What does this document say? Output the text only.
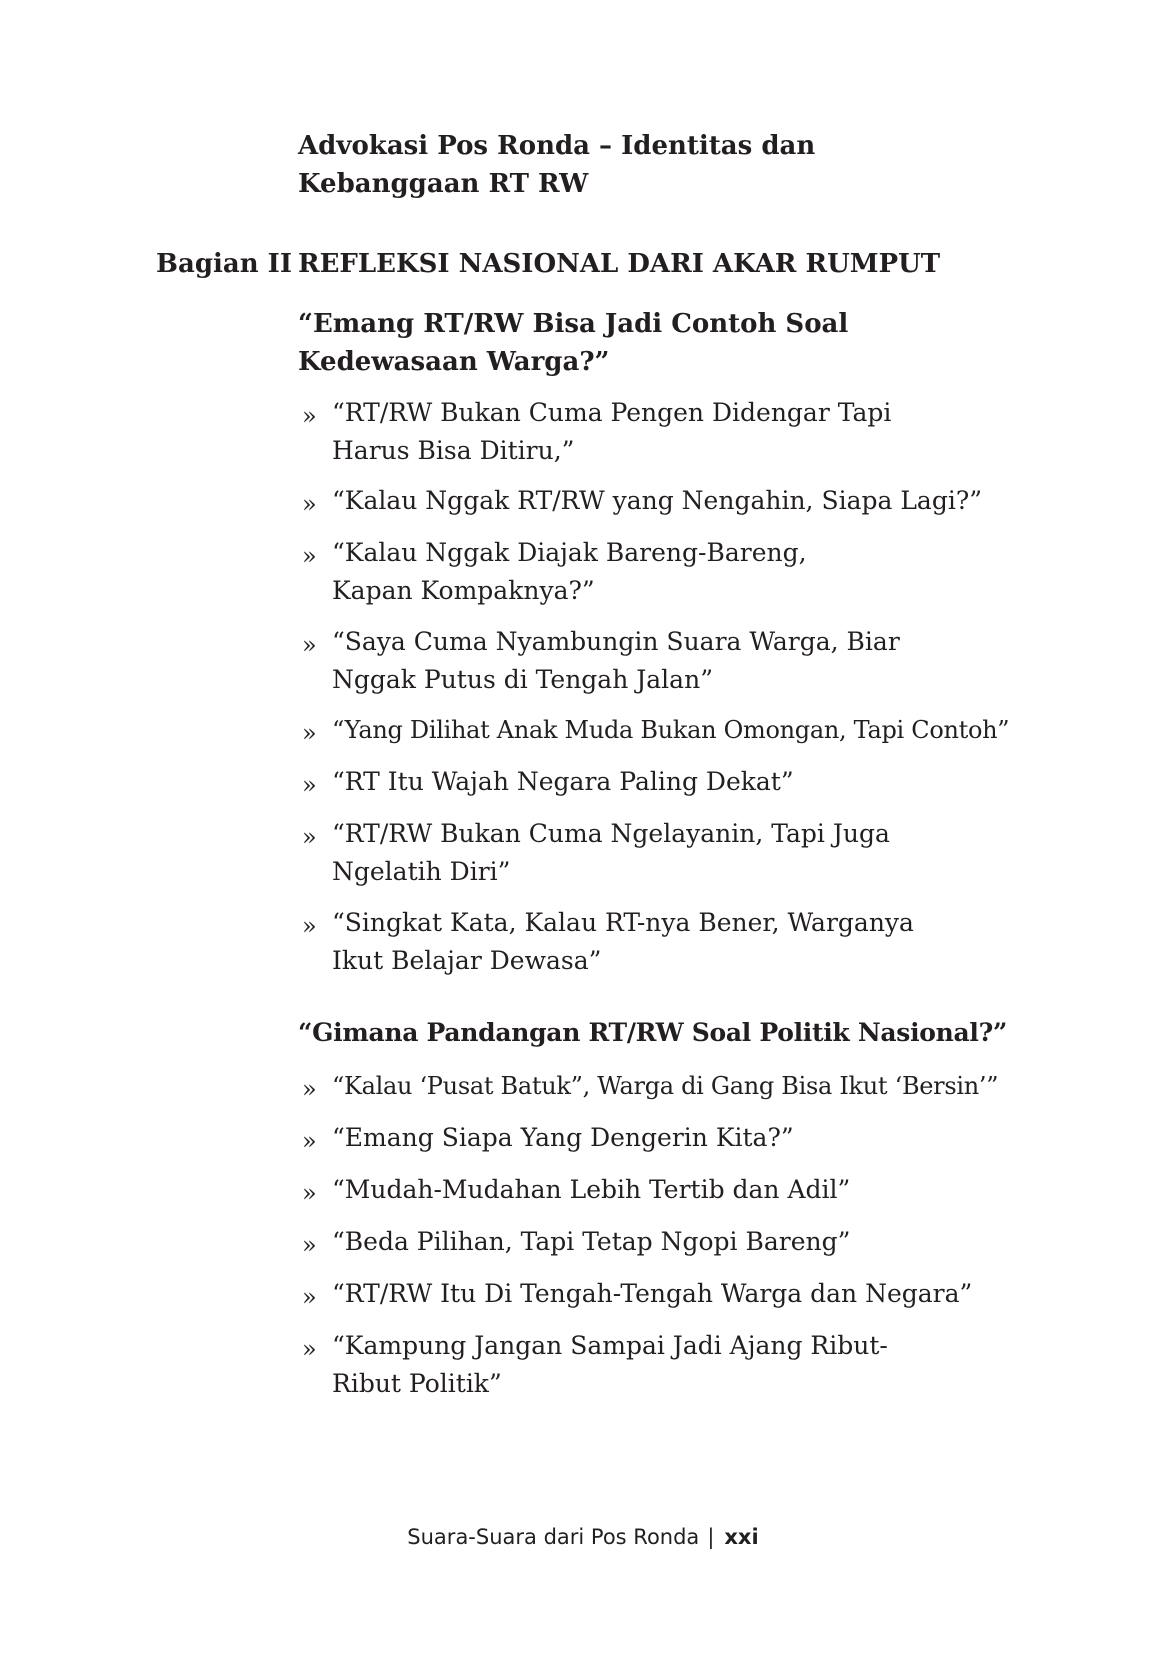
Advokasi Pos Ronda – Identitas dan Kebanggaan RT RW
Bagian II REFLEKSI NASIONAL DARI AKAR RUMPUT
“Emang RT/RW Bisa Jadi Contoh Soal Kedewasaan Warga?”
» “RT/RW Bukan Cuma Pengen Didengar Tapi Harus Bisa Ditiru,”
» “Kalau Nggak RT/RW yang Nengahin, Siapa Lagi?”
» “Kalau Nggak Diajak Bareng-Bareng, Kapan Kompaknya?”
» “Saya Cuma Nyambungin Suara Warga, Biar Nggak Putus di Tengah Jalan”
» “Yang Dilihat Anak Muda Bukan Omongan, Tapi Contoh”
» “RT Itu Wajah Negara Paling Dekat”
» “RT/RW Bukan Cuma Ngelayanin, Tapi Juga Ngelatih Diri”
» “Singkat Kata, Kalau RT-nya Bener, Warganya Ikut Belajar Dewasa”
“Gimana Pandangan RT/RW Soal Politik Nasional?”
» “Kalau ‘Pusat Batuk”, Warga di Gang Bisa Ikut ‘Bersin’”
» “Emang Siapa Yang Dengerin Kita?”
» “Mudah-Mudahan Lebih Tertib dan Adil”
» “Beda Pilihan, Tapi Tetap Ngopi Bareng”
» “RT/RW Itu Di Tengah-Tengah Warga dan Negara”
» “Kampung Jangan Sampai Jadi Ajang Ribut-Ribut Politik”
Suara-Suara dari Pos Ronda | xxi
